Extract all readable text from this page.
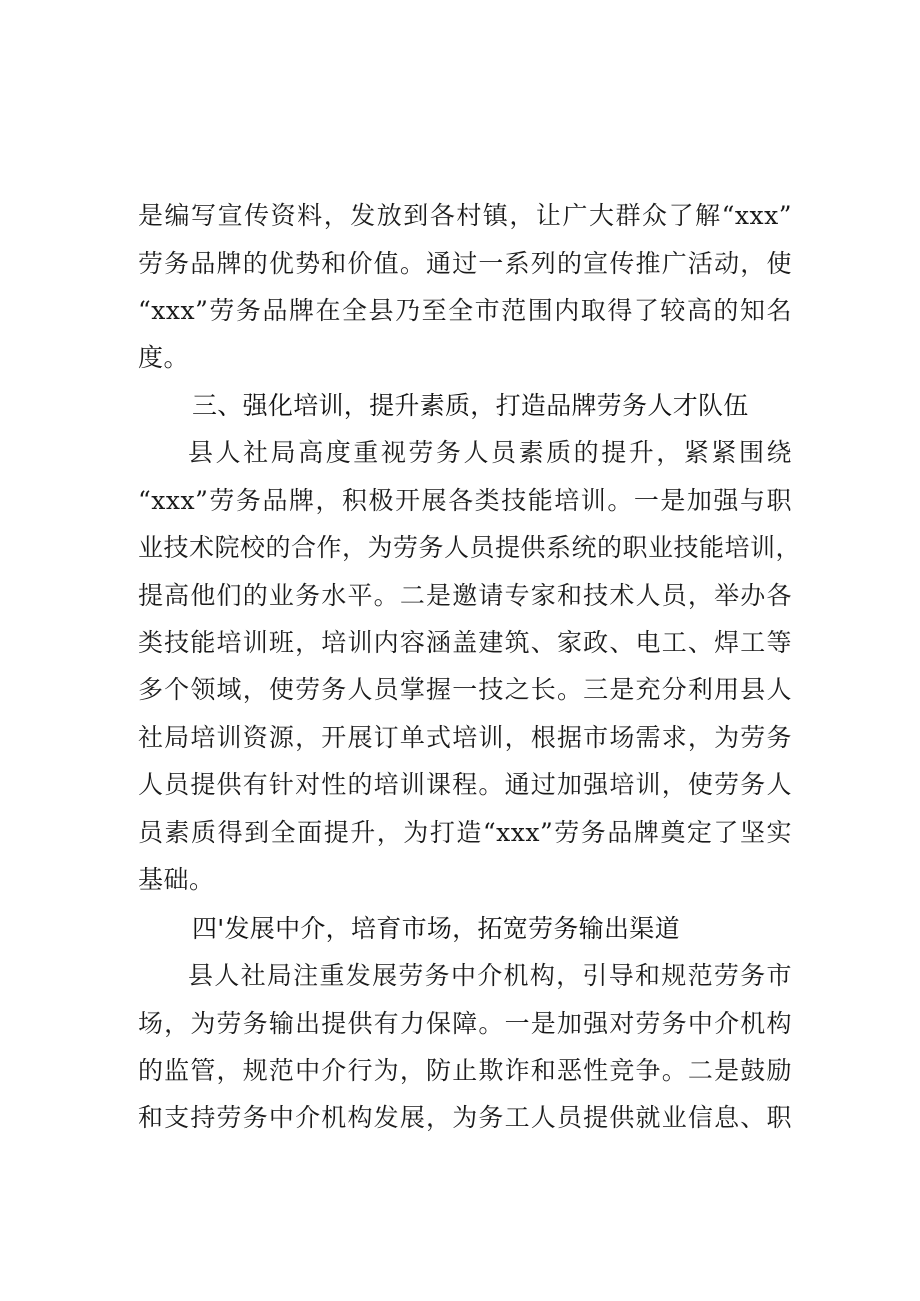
是编写宣传资料，发放到各村镇，让广大群众了解“xxx”
劳务品牌的优势和价值。通过一系列的宣传推广活动，使
“xxx”劳务品牌在全县乃至全市范围内取得了较高的知名
度。
三、强化培训，提升素质，打造品牌劳务人才队伍
县人社局高度重视劳务人员素质的提升，紧紧围绕
“xxx”劳务品牌，积极开展各类技能培训。一是加强与职
业技术院校的合作，为劳务人员提供系统的职业技能培训，
提高他们的业务水平。二是邀请专家和技术人员，举办各
类技能培训班，培训内容涵盖建筑、家政、电工、焊工等
多个领域，使劳务人员掌握一技之长。三是充分利用县人
社局培训资源，开展订单式培训，根据市场需求，为劳务
人员提供有针对性的培训课程。通过加强培训，使劳务人
员素质得到全面提升，为打造“xxx”劳务品牌奠定了坚实
基础。
四'发展中介，培育市场，拓宽劳务输出渠道
县人社局注重发展劳务中介机构，引导和规范劳务市
场，为劳务输出提供有力保障。一是加强对劳务中介机构
的监管，规范中介行为，防止欺诈和恶性竞争。二是鼓励
和支持劳务中介机构发展，为务工人员提供就业信息、职
